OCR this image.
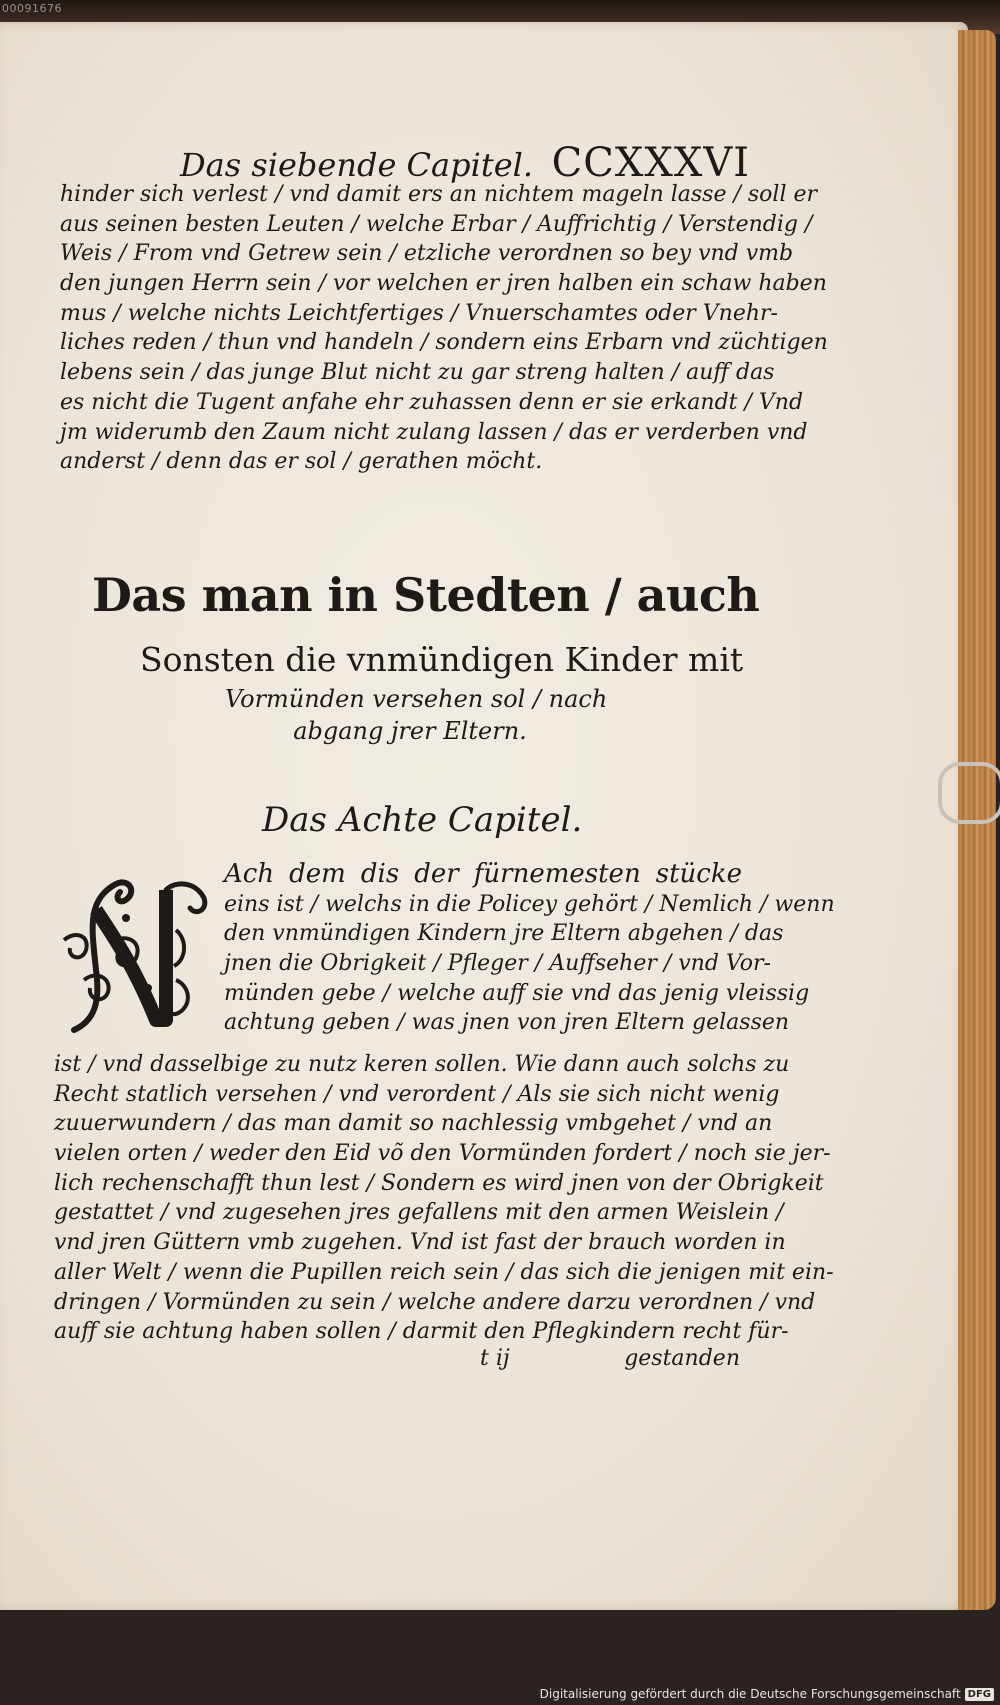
00091676
Das siebende Capitel. CCXXXVI
hinder sich verlest / vnd damit ers an nichtem mageln lasse / soll er
aus seinen besten Leuten / welche Erbar / Auffrichtig / Verstendig /
Weis / From vnd Getrew sein / etzliche verordnen so bey vnd vmb
den jungen Herrn sein / vor welchen er jren halben ein schaw haben
mus / welche nichts Leichtfertiges / Vnuerschamtes oder Vnehr-
liches reden / thun vnd handeln / sondern eins Erbarn vnd züchtigen
lebens sein / das junge Blut nicht zu gar streng halten / auff das
es nicht die Tugent anfahe ehr zuhassen denn er sie erkandt / Vnd
jm widerumb den Zaum nicht zulang lassen / das er verderben vnd
anderst / denn das er sol / gerathen möcht.
Das man in Stedten / auch
Sonsten die vnmündigen Kinder mit
Vormünden versehen sol / nach
abgang jrer Eltern.
Das Achte Capitel.
Ach dem dis der fürnemesten stücke
eins ist / welchs in die Policey gehört / Nemlich / wenn
den vnmündigen Kindern jre Eltern abgehen / das
jnen die Obrigkeit / Pfleger / Auffseher / vnd Vor-
münden gebe / welche auff sie vnd das jenig vleissig
achtung geben / was jnen von jren Eltern gelassen
ist / vnd dasselbige zu nutz keren sollen. Wie dann auch solchs zu
Recht statlich versehen / vnd verordent / Als sie sich nicht wenig
zuuerwundern / das man damit so nachlessig vmbgehet / vnd an
vielen orten / weder den Eid võ den Vormünden fordert / noch sie jer-
lich rechenschafft thun lest / Sondern es wird jnen von der Obrigkeit
gestattet / vnd zugesehen jres gefallens mit den armen Weislein /
vnd jren Güttern vmb zugehen. Vnd ist fast der brauch worden in
aller Welt / wenn die Pupillen reich sein / das sich die jenigen mit ein-
dringen / Vormünden zu sein / welche andere darzu verordnen / vnd
auff sie achtung haben sollen / darmit den Pflegkindern recht für-
t ij	gestanden
Digitalisierung gefördert durch die Deutsche Forschungsgemeinschaft DFG
